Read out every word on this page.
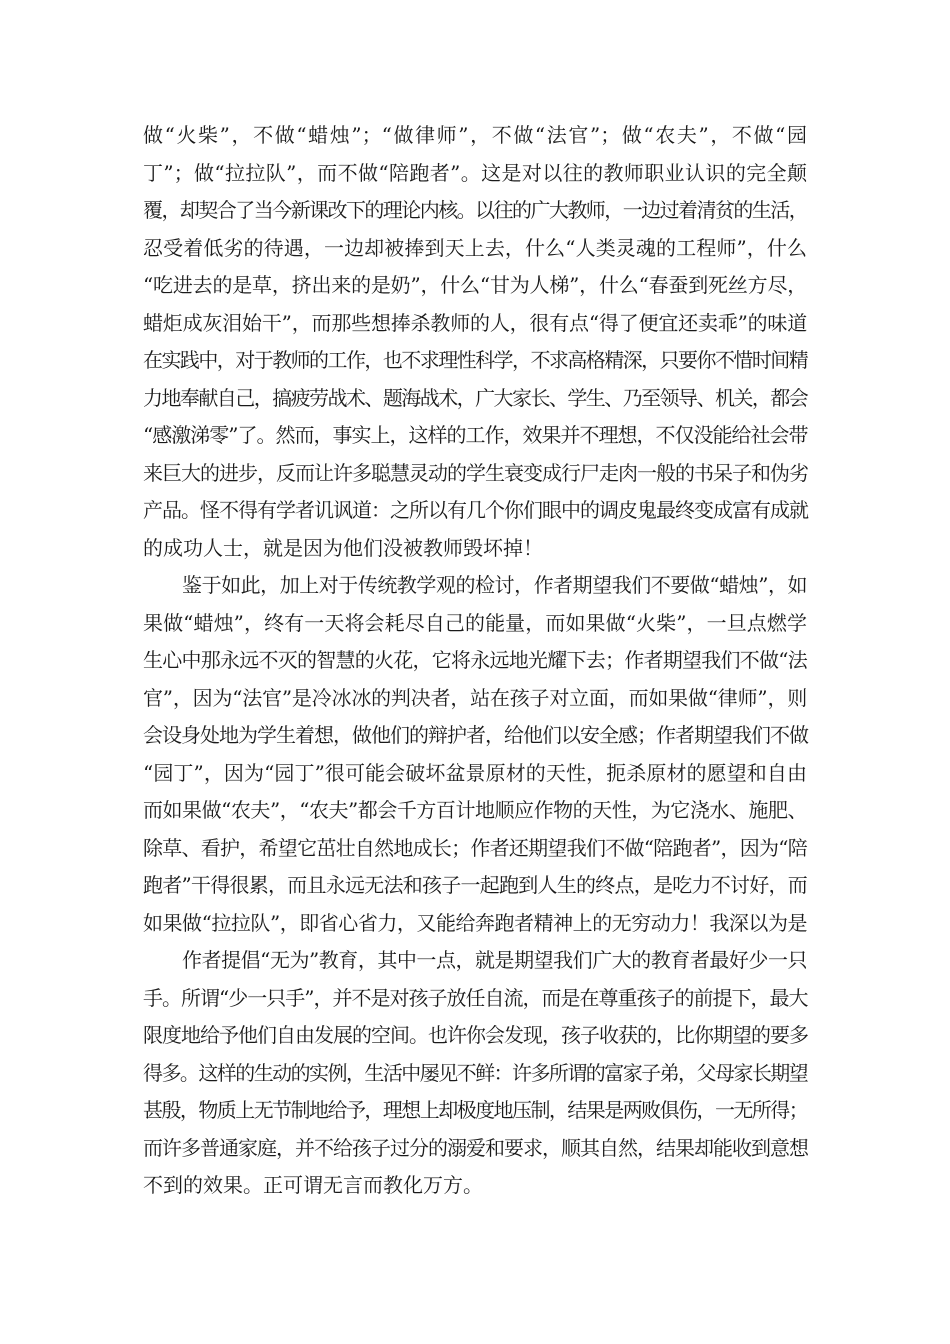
做“火柴”，不做“蜡烛”；“做律师”，不做“法官”；做“农夫”，不做“园
丁”；做“拉拉队”，而不做“陪跑者”。这是对以往的教师职业认识的完全颠
覆，却契合了当今新课改下的理论内核。以往的广大教师，一边过着清贫的生活，
忍受着低劣的待遇，一边却被捧到天上去，什么“人类灵魂的工程师”，什么
“吃进去的是草，挤出来的是奶”，什么“甘为人梯”，什么“春蚕到死丝方尽，
蜡炬成灰泪始干”，而那些想捧杀教师的人，很有点“得了便宜还卖乖”的味道
在实践中，对于教师的工作，也不求理性科学，不求高格精深，只要你不惜时间精
力地奉献自己，搞疲劳战术、题海战术，广大家长、学生、乃至领导、机关，都会
“感激涕零”了。然而，事实上，这样的工作，效果并不理想，不仅没能给社会带
来巨大的进步，反而让许多聪慧灵动的学生衰变成行尸走肉一般的书呆子和伪劣
产品。怪不得有学者讥讽道：之所以有几个你们眼中的调皮鬼最终变成富有成就
的成功人士，就是因为他们没被教师毁坏掉！
　　鉴于如此，加上对于传统教学观的检讨，作者期望我们不要做“蜡烛”，如
果做“蜡烛”，终有一天将会耗尽自己的能量，而如果做“火柴”，一旦点燃学
生心中那永远不灭的智慧的火花，它将永远地光耀下去；作者期望我们不做“法
官”，因为“法官”是冷冰冰的判决者，站在孩子对立面，而如果做“律师”，则
会设身处地为学生着想，做他们的辩护者，给他们以安全感；作者期望我们不做
“园丁”，因为“园丁”很可能会破坏盆景原材的天性，扼杀原材的愿望和自由
而如果做“农夫”，“农夫”都会千方百计地顺应作物的天性，为它浇水、施肥、
除草、看护，希望它茁壮自然地成长；作者还期望我们不做“陪跑者”，因为“陪
跑者”干得很累，而且永远无法和孩子一起跑到人生的终点，是吃力不讨好，而
如果做“拉拉队”，即省心省力，又能给奔跑者精神上的无穷动力！我深以为是
　　作者提倡“无为”教育，其中一点，就是期望我们广大的教育者最好少一只
手。所谓“少一只手”，并不是对孩子放任自流，而是在尊重孩子的前提下，最大
限度地给予他们自由发展的空间。也许你会发现，孩子收获的，比你期望的要多
得多。这样的生动的实例，生活中屡见不鲜：许多所谓的富家子弟，父母家长期望
甚殷，物质上无节制地给予，理想上却极度地压制，结果是两败俱伤，一无所得；
而许多普通家庭，并不给孩子过分的溺爱和要求，顺其自然，结果却能收到意想
不到的效果。正可谓无言而教化万方。
